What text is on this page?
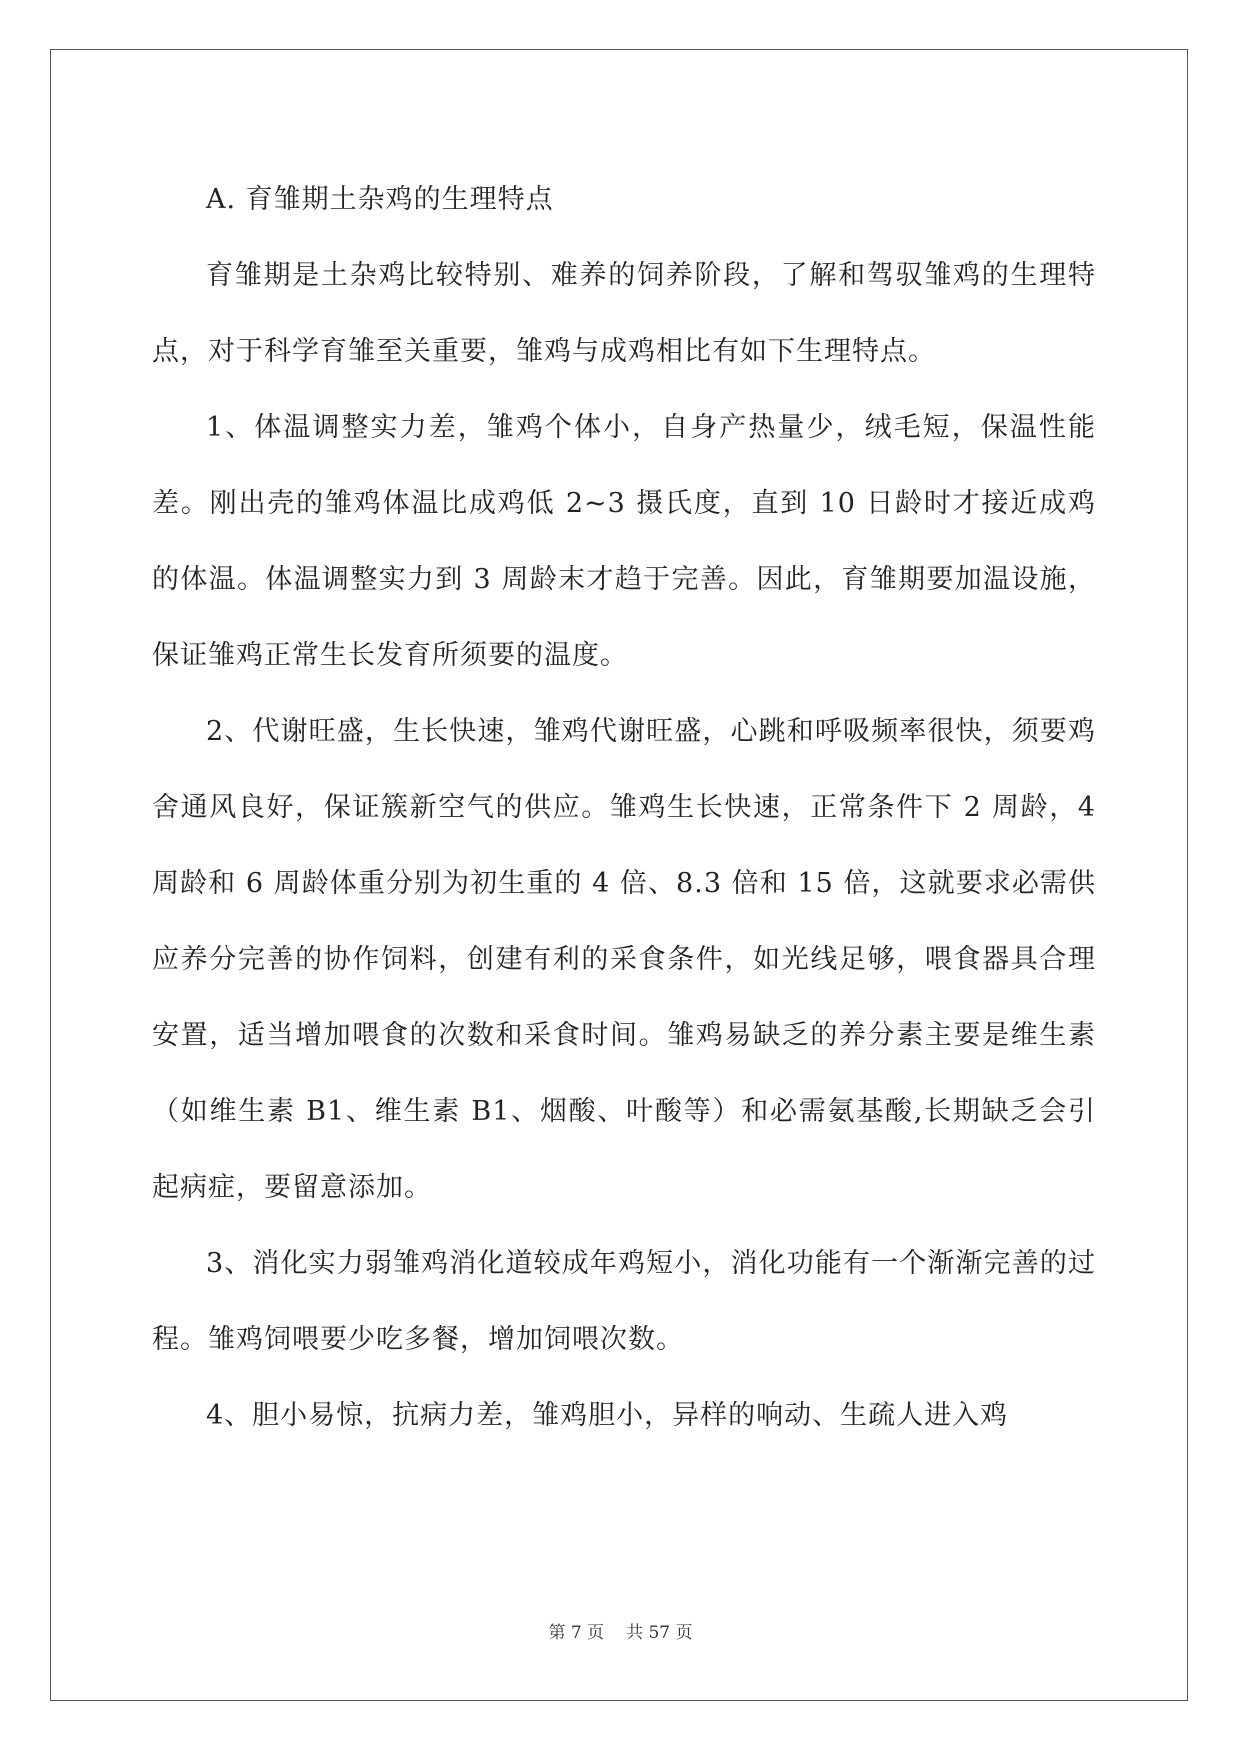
A. 育雏期土杂鸡的生理特点

育雏期是土杂鸡比较特别、难养的饲养阶段，了解和驾驭雏鸡的生理特点，对于科学育雏至关重要，雏鸡与成鸡相比有如下生理特点。

1、体温调整实力差，雏鸡个体小，自身产热量少，绒毛短，保温性能差。刚出壳的雏鸡体温比成鸡低 2~3 摄氏度，直到 10 日龄时才接近成鸡的体温。体温调整实力到 3 周龄末才趋于完善。因此，育雏期要加温设施，保证雏鸡正常生长发育所须要的温度。

2、代谢旺盛，生长快速，雏鸡代谢旺盛，心跳和呼吸频率很快，须要鸡舍通风良好，保证簇新空气的供应。雏鸡生长快速，正常条件下 2 周龄，4 周龄和 6 周龄体重分别为初生重的 4 倍、8.3 倍和 15 倍，这就要求必需供应养分完善的协作饲料，创建有利的采食条件，如光线足够，喂食器具合理安置，适当增加喂食的次数和采食时间。雏鸡易缺乏的养分素主要是维生素（如维生素 B1、维生素 B1、烟酸、叶酸等）和必需氨基酸,长期缺乏会引起病症，要留意添加。

3、消化实力弱雏鸡消化道较成年鸡短小，消化功能有一个渐渐完善的过程。雏鸡饲喂要少吃多餐，增加饲喂次数。

4、胆小易惊，抗病力差，雏鸡胆小，异样的响动、生疏人进入鸡

第 7 页 共 57 页
